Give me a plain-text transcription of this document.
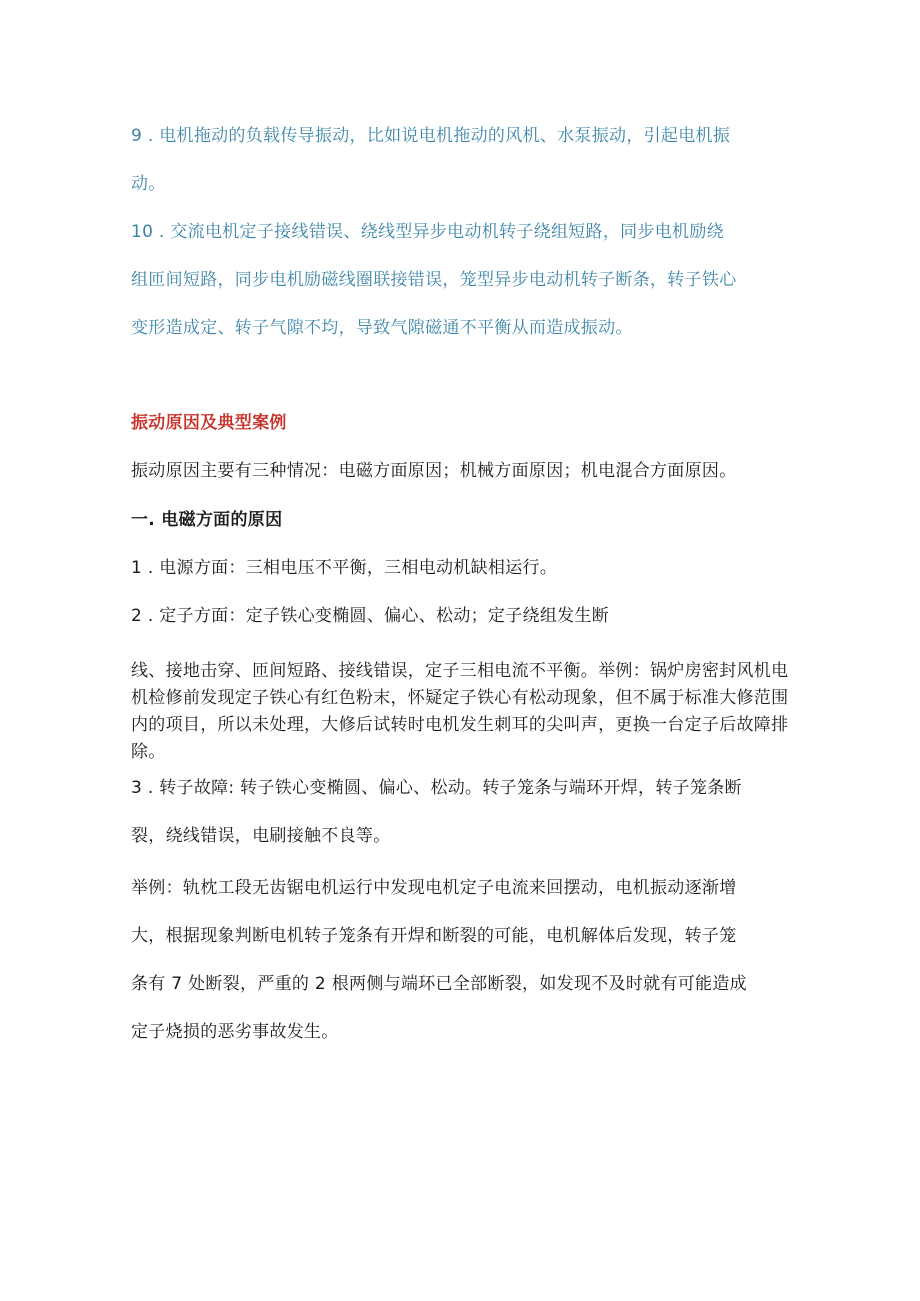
9 . 电机拖动的负载传导振动，比如说电机拖动的风机、水泵振动，引起电机振
动。
10 . 交流电机定子接线错误、绕线型异步电动机转子绕组短路，同步电机励绕
组匝间短路，同步电机励磁线圈联接错误，笼型异步电动机转子断条，转子铁心
变形造成定、转子气隙不均，导致气隙磁通不平衡从而造成振动。
振动原因及典型案例
振动原因主要有三种情况：电磁方面原因；机械方面原因；机电混合方面原因。
一. 电磁方面的原因
1 . 电源方面：三相电压不平衡，三相电动机缺相运行。
2 . 定子方面：定子铁心变椭圆、偏心、松动；定子绕组发生断
线、接地击穿、匝间短路、接线错误，定子三相电流不平衡。举例：锅炉房密封风机电机检修前发现定子铁心有红色粉末，怀疑定子铁心有松动现象，但不属于标准大修范围内的项目，所以未处理，大修后试转时电机发生刺耳的尖叫声，更换一台定子后故障排除。
3 . 转子故障: 转子铁心变椭圆、偏心、松动。转子笼条与端环开焊，转子笼条断
裂，绕线错误，电刷接触不良等。
举例：轨枕工段无齿锯电机运行中发现电机定子电流来回摆动，电机振动逐渐增
大，根据现象判断电机转子笼条有开焊和断裂的可能，电机解体后发现，转子笼
条有 7 处断裂，严重的 2 根两侧与端环已全部断裂，如发现不及时就有可能造成
定子烧损的恶劣事故发生。
